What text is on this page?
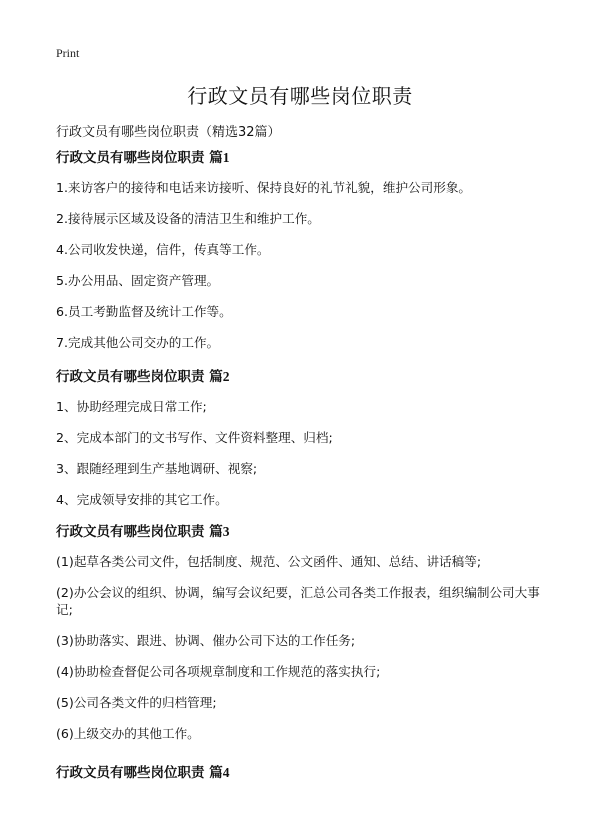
Print
行政文员有哪些岗位职责

行政文员有哪些岗位职责（精选32篇）

行政文员有哪些岗位职责 篇1
1.来访客户的接待和电话来访接听、保持良好的礼节礼貌，维护公司形象。
2.接待展示区域及设备的清洁卫生和维护工作。
4.公司收发快递，信件，传真等工作。
5.办公用品、固定资产管理。
6.员工考勤监督及统计工作等。
7.完成其他公司交办的工作。
行政文员有哪些岗位职责 篇2
1、协助经理完成日常工作;
2、完成本部门的文书写作、文件资料整理、归档;
3、跟随经理到生产基地调研、视察;
4、完成领导安排的其它工作。
行政文员有哪些岗位职责 篇3
(1)起草各类公司文件，包括制度、规范、公文函件、通知、总结、讲话稿等;
(2)办公会议的组织、协调，编写会议纪要，汇总公司各类工作报表，组织编制公司大事记;
(3)协助落实、跟进、协调、催办公司下达的工作任务;
(4)协助检查督促公司各项规章制度和工作规范的落实执行;
(5)公司各类文件的归档管理;
(6)上级交办的其他工作。
行政文员有哪些岗位职责 篇4
